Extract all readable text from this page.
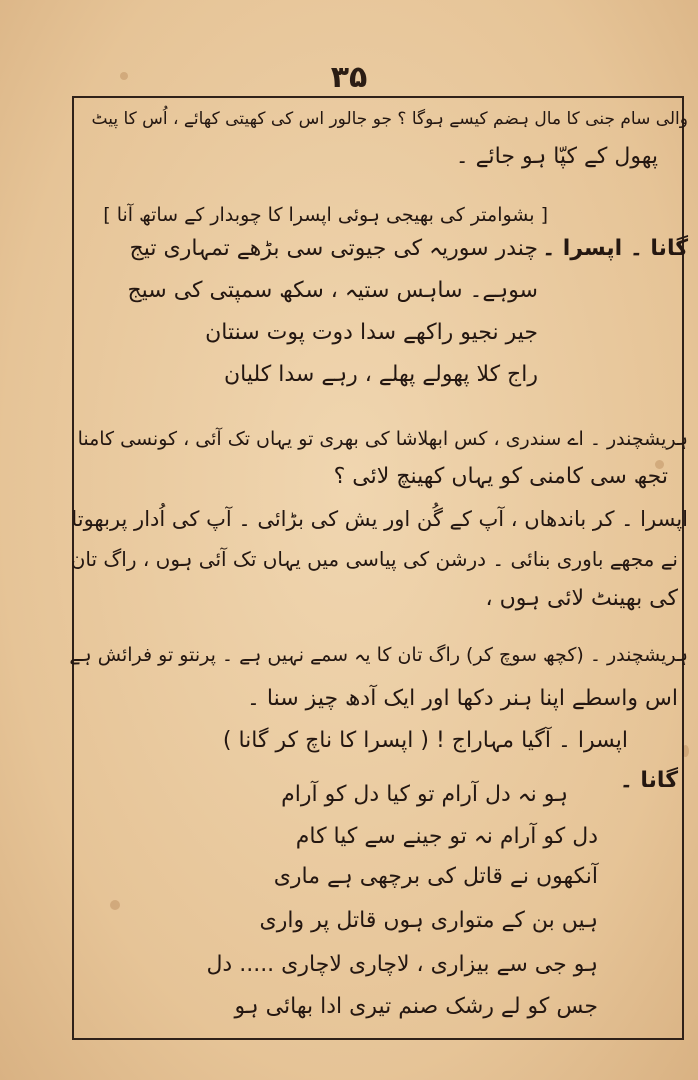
۳۵
والی سام جنی کا مال ہضم کیسے ہوگا ؟ جو جالور اس کی کھیتی کھائے ، اُس کا پیٹ
پھول کے کپّا ہو جائے ۔
[ بشوامتر کی بھیجی ہوئی اپسرا کا چوبدار کے ساتھ آنا ]
گانا ۔ اپسرا ۔
چندر سوریہ کی جیوتی سی بڑھے تمہاری تیج
سوہے۔ ساہس ستیہ ، سکھ سمپتی کی سیج
جیر نجیو راکھے سدا دوت پوت سنتان
راج کلا پھولے پھلے ، رہے سدا کلیان
ہریشچندر ۔ اے سندری ، کس ابھلاشا کی بھری تو یہاں تک آئی ، کونسی کامنا
تجھ سی کامنی کو یہاں کھینچ لائی ؟
اپسرا ۔ کر باندھاں ، آپ کے گُن اور یش کی بڑائی ۔ آپ کی اُدار پربھوتا
نے مجھے باوری بنائی ۔ درشن کی پیاسی میں یہاں تک آئی ہوں ، راگ تان
کی بھینٹ لائی ہوں ،
ہریشچندر ۔ (کچھ سوچ کر) راگ تان کا یہ سمے نہیں ہے ۔ پرنتو تو فرائش ہے
اس واسطے اپنا ہنر دکھا اور ایک آدھ چیز سنا ۔
اپسرا ۔ آگیا مہاراج ! ( اپسرا کا ناچ کر گانا )
گانا ۔
ہو نہ دل آرام تو کیا دل کو آرام
دل کو آرام نہ تو جینے سے کیا کام
آنکھوں نے قاتل کی برچھی ہے ماری
ہیں بن کے متواری ہوں قاتل پر واری
ہو جی سے بیزاری ، لاچاری لاچاری ..... دل
جس کو لے رشک صنم تیری ادا بھائی ہو
